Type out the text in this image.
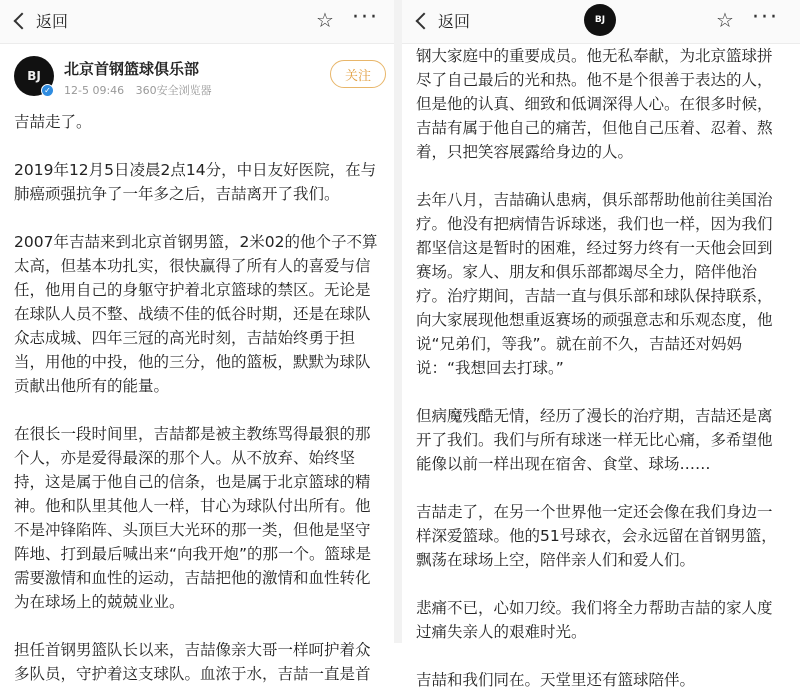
返回	☆ ···
BJ
✓
北京首钢篮球俱乐部
12-5 09:46 360安全浏览器
关注

吉喆走了。

2019年12月5日凌晨2点14分，中日友好医院，在与肺癌顽强抗争了一年多之后，吉喆离开了我们。

2007年吉喆来到北京首钢男篮，2米02的他个子不算太高，但基本功扎实，很快赢得了所有人的喜爱与信任，他用自己的身躯守护着北京篮球的禁区。无论是在球队人员不整、战绩不佳的低谷时期，还是在球队众志成城、四年三冠的高光时刻，吉喆始终勇于担当，用他的中投，他的三分，他的篮板，默默为球队贡献出他所有的能量。

在很长一段时间里，吉喆都是被主教练骂得最狠的那个人，亦是爱得最深的那个人。从不放弃、始终坚持，这是属于他自己的信条，也是属于北京篮球的精神。他和队里其他人一样，甘心为球队付出所有。他不是冲锋陷阵、头顶巨大光环的那一类，但他是坚守阵地、打到最后喊出来“向我开炮”的那一个。篮球是需要激情和血性的运动，吉喆把他的激情和血性转化为在球场上的兢兢业业。

担任首钢男篮队长以来，吉喆像亲大哥一样呵护着众多队员，守护着这支球队。血浓于水，吉喆一直是首

返回	BJ	☆ ···

钢大家庭中的重要成员。他无私奉献，为北京篮球拼尽了自己最后的光和热。他不是个很善于表达的人，但是他的认真、细致和低调深得人心。在很多时候，吉喆有属于他自己的痛苦，但他自己压着、忍着、熬着，只把笑容展露给身边的人。

去年八月，吉喆确认患病，俱乐部帮助他前往美国治疗。他没有把病情告诉球迷，我们也一样，因为我们都坚信这是暂时的困难，经过努力终有一天他会回到赛场。家人、朋友和俱乐部都竭尽全力，陪伴他治疗。治疗期间，吉喆一直与俱乐部和球队保持联系，向大家展现他想重返赛场的顽强意志和乐观态度，他说“兄弟们，等我”。就在前不久，吉喆还对妈妈说：“我想回去打球。”

但病魔残酷无情，经历了漫长的治疗期，吉喆还是离开了我们。我们与所有球迷一样无比心痛，多希望他能像以前一样出现在宿舍、食堂、球场……

吉喆走了，在另一个世界他一定还会像在我们身边一样深爱篮球。他的51号球衣，会永远留在首钢男篮，飘荡在球场上空，陪伴亲人们和爱人们。

悲痛不已，心如刀绞。我们将全力帮助吉喆的家人度过痛失亲人的艰难时光。

吉喆和我们同在。天堂里还有篮球陪伴。
